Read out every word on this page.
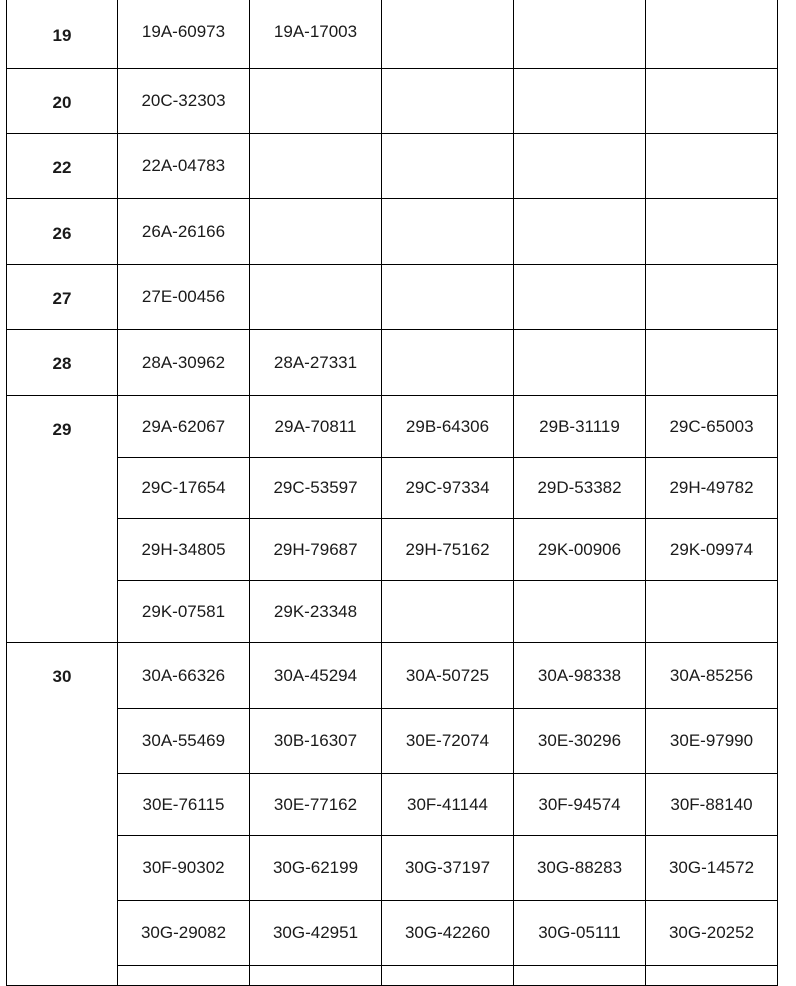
19	19A-60973	19A-17003			

20	20C-32303				

22	22A-04783				

26	26A-26166				

27	27E-00456				

28	28A-30962	28A-27331			

29	29A-62067	29A-70811	29B-64306	29B-31119	29C-65003
	29C-17654	29C-53597	29C-97334	29D-53382	29H-49782
	29H-34805	29H-79687	29H-75162	29K-00906	29K-09974
	29K-07581	29K-23348			

30	30A-66326	30A-45294	30A-50725	30A-98338	30A-85256
	30A-55469	30B-16307	30E-72074	30E-30296	30E-97990
	30E-76115	30E-77162	30F-41144	30F-94574	30F-88140
	30F-90302	30G-62199	30G-37197	30G-88283	30G-14572
	30G-29082	30G-42951	30G-42260	30G-05111	30G-20252
